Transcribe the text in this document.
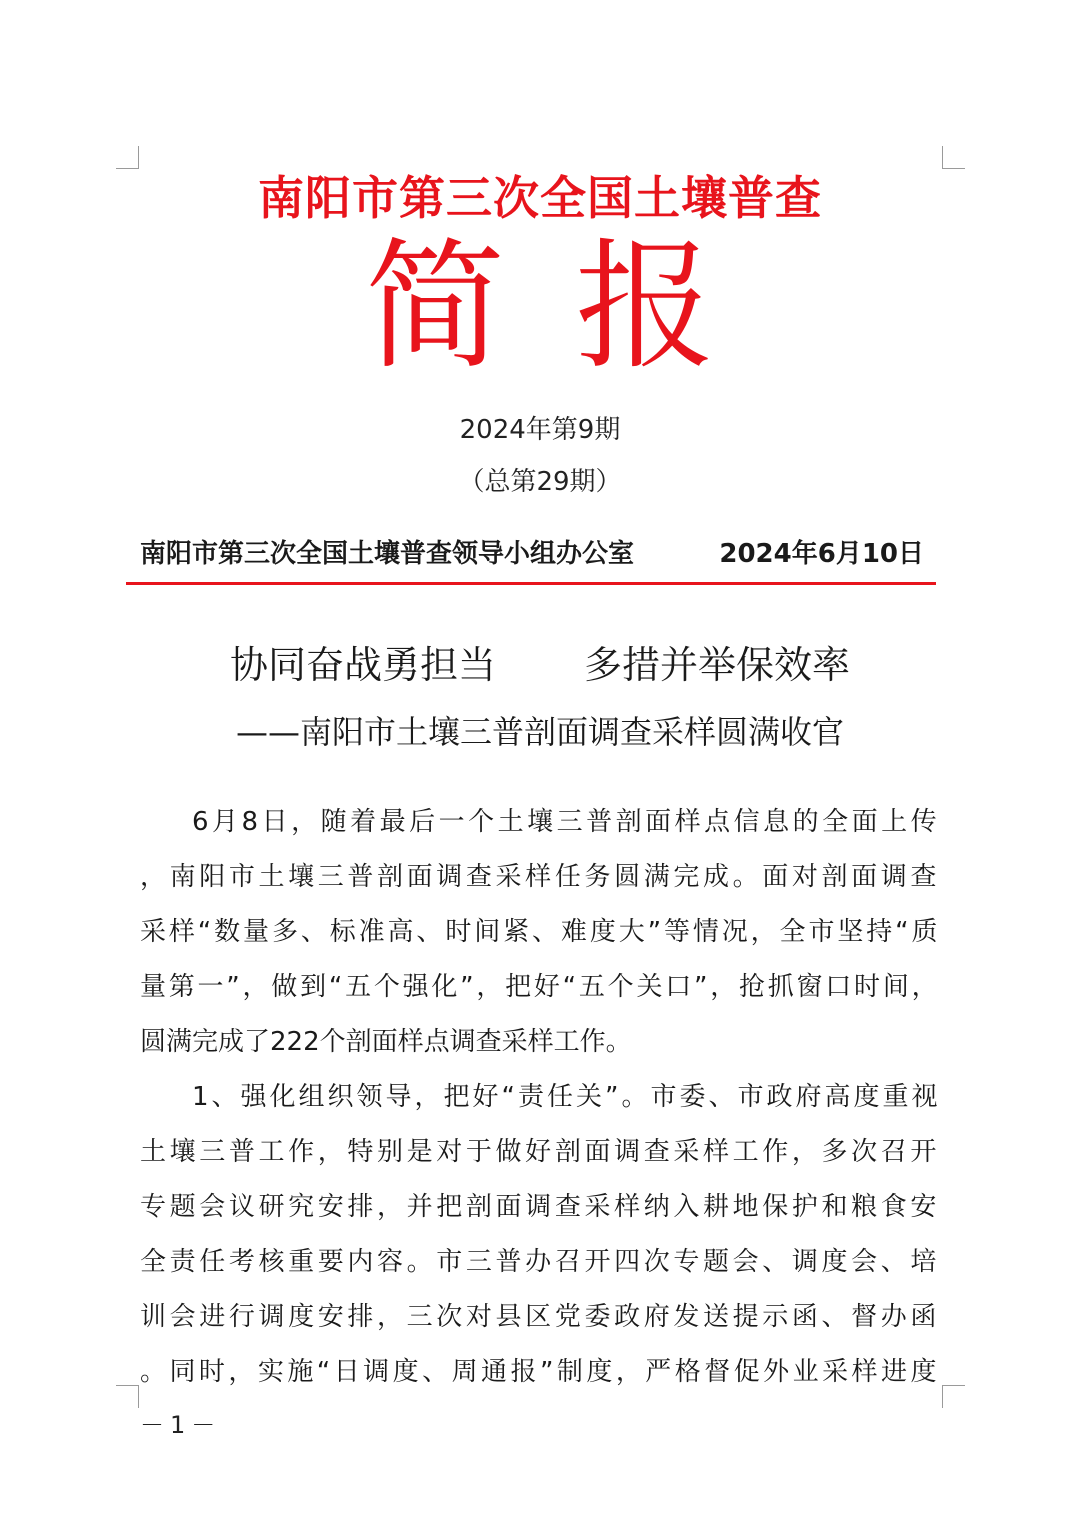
南阳市第三次全国土壤普查
简 报
2024年第9期
（总第29期）
南阳市第三次全国土壤普查领导小组办公室	2024年6月10日
协同奋战勇担当 多措并举保效率
——南阳市土壤三普剖面调查采样圆满收官
6月8日，随着最后一个土壤三普剖面样点信息的全面上传
，南阳市土壤三普剖面调查采样任务圆满完成。面对剖面调查
采样“数量多、标准高、时间紧、难度大”等情况，全市坚持“质
量第一”，做到“五个强化”，把好“五个关口”，抢抓窗口时间，
圆满完成了222个剖面样点调查采样工作。
1、强化组织领导，把好“责任关”。市委、市政府高度重视
土壤三普工作，特别是对于做好剖面调查采样工作，多次召开
专题会议研究安排，并把剖面调查采样纳入耕地保护和粮食安
全责任考核重要内容。市三普办召开四次专题会、调度会、培
训会进行调度安排，三次对县区党委政府发送提示函、督办函
。同时，实施“日调度、周通报”制度，严格督促外业采样进度
－1－
